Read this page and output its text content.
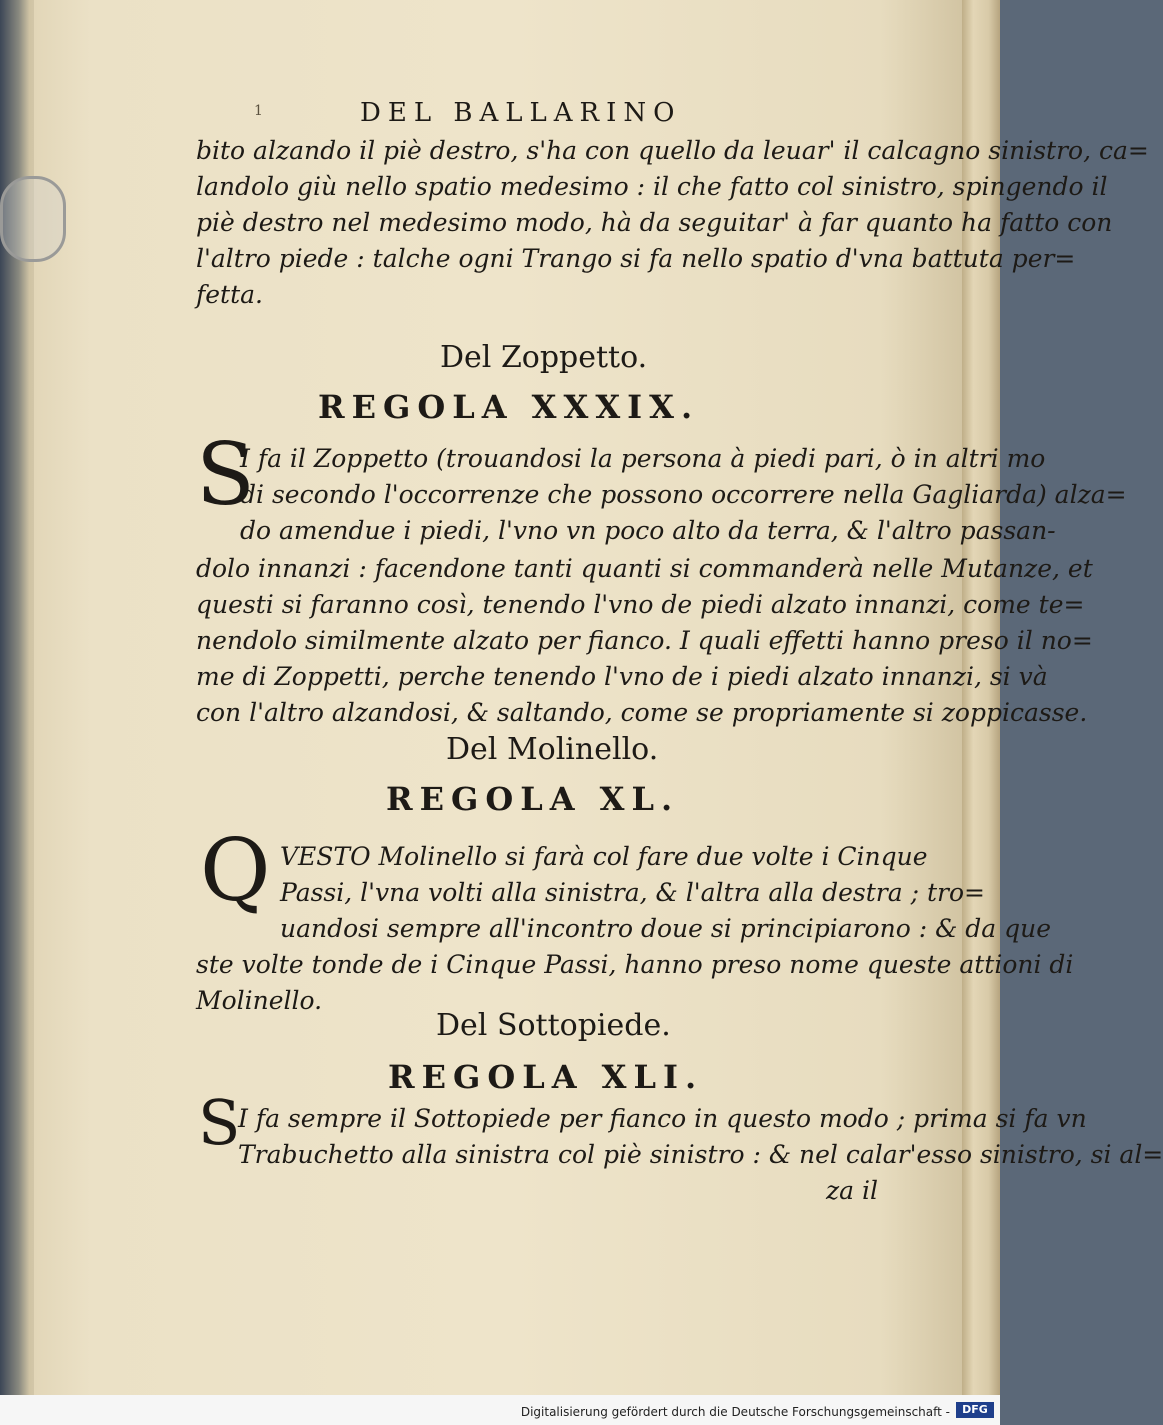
1	DEL BALLARINO
bito alzando il piè destro, s'ha con quello da leuar' il calcagno sinistro, ca=
landolo giù nello spatio medesimo : il che fatto col sinistro, spingendo il
piè destro nel medesimo modo, hà da seguitar' à far quanto ha fatto con
l'altro piede : talche ogni Trango si fa nello spatio d'vna battuta per=
fetta.
Del Zoppetto.
REGOLA XXXIX.
S
I fa il Zoppetto (trouandosi la persona à piedi pari, ò in altri mo
di secondo l'occorrenze che possono occorrere nella Gagliarda) alza=
do amendue i piedi, l'vno vn poco alto da terra, & l'altro passan-
dolo innanzi : facendone tanti quanti si commanderà nelle Mutanze, et
questi si faranno così, tenendo l'vno de piedi alzato innanzi, come te=
nendolo similmente alzato per fianco. I quali effetti hanno preso il no=
me di Zoppetti, perche tenendo l'vno de i piedi alzato innanzi, si và
con l'altro alzandosi, & saltando, come se propriamente si zoppicasse.
Del Molinello.
REGOLA XL.
Q VESTO Molinello si farà col fare due volte i Cinque
Passi, l'vna volti alla sinistra, & l'altra alla destra ; tro=
uandosi sempre all'incontro doue si principiarono : & da que
ste volte tonde de i Cinque Passi, hanno preso nome queste attioni di
Molinello.
Del Sottopiede.
REGOLA XLI.
S
I fa sempre il Sottopiede per fianco in questo modo ; prima si fa vn
Trabuchetto alla sinistra col piè sinistro : & nel calar'esso sinistro, si al=
za il
Digitalisierung gefördert durch die Deutsche Forschungsgemeinschaft -	DFG
